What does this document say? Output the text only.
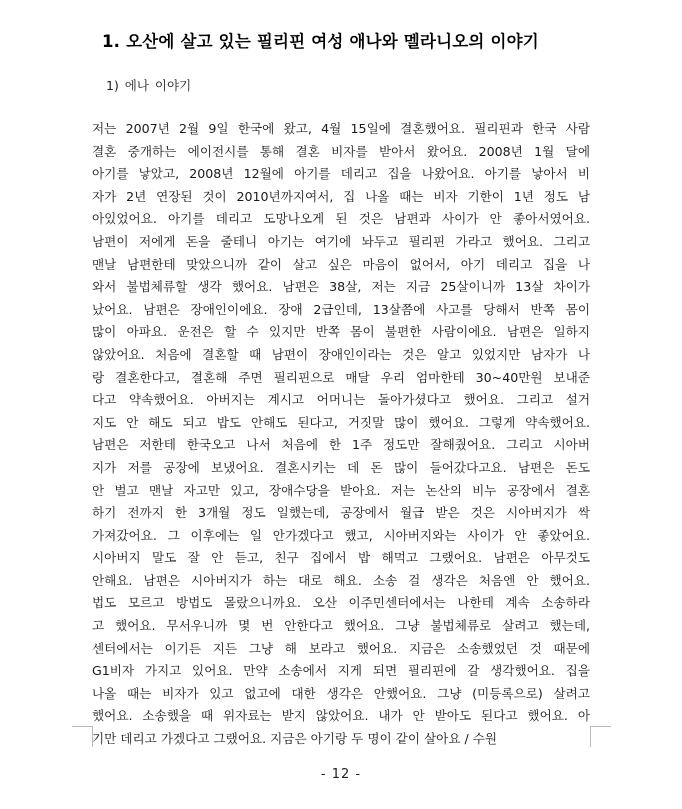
1. 오산에 살고 있는 필리핀 여성 애나와 멜라니오의 이야기
1) 에나 이야기
저는 2007년 2월 9일 한국에 왔고, 4월 15일에 결혼했어요. 필리핀과 한국 사람
결혼 중개하는 에이전시를 통해 결혼 비자를 받아서 왔어요. 2008년 1월 달에
아기를 낳았고, 2008년 12월에 아기를 데리고 집을 나왔어요. 아기를 낳아서 비
자가 2년 연장된 것이 2010년까지여서, 집 나올 때는 비자 기한이 1년 정도 남
아있었어요. 아기를 데리고 도망나오게 된 것은 남편과 사이가 안 좋아서였어요.
남편이 저에게 돈을 줄테니 아기는 여기에 놔두고 필리핀 가라고 했어요. 그리고
맨날 남편한테 맞았으니까 같이 살고 싶은 마음이 없어서, 아기 데리고 집을 나
와서 불법체류할 생각 했어요. 남편은 38살, 저는 지금 25살이니까 13살 차이가
났어요. 남편은 장애인이에요. 장애 2급인데, 13살쯤에 사고를 당해서 반쪽 몸이
많이 아파요. 운전은 할 수 있지만 반쪽 몸이 불편한 사람이에요. 남편은 일하지
않았어요. 처음에 결혼할 때 남편이 장애인이라는 것은 알고 있었지만 남자가 나
랑 결혼한다고, 결혼해 주면 필리핀으로 매달 우리 엄마한테 30~40만원 보내준
다고 약속했어요. 아버지는 계시고 어머니는 돌아가셨다고 했어요. 그리고 설거
지도 안 해도 되고 밥도 안해도 된다고, 거짓말 많이 했어요. 그렇게 약속했어요.
남편은 저한테 한국오고 나서 처음에 한 1주 정도만 잘해줬어요. 그리고 시아버
지가 저를 공장에 보냈어요. 결혼시키는 데 돈 많이 들어갔다고요. 남편은 돈도
안 벌고 맨날 자고만 있고, 장애수당을 받아요. 저는 논산의 비누 공장에서 결혼
하기 전까지 한 3개월 정도 일했는데, 공장에서 월급 받은 것은 시아버지가 싹
가져갔어요. 그 이후에는 일 안가겠다고 했고, 시아버지와는 사이가 안 좋았어요.
시아버지 말도 잘 안 듣고, 친구 집에서 밥 해먹고 그랬어요. 남편은 아무것도
안해요. 남편은 시아버지가 하는 대로 해요. 소송 걸 생각은 처음엔 안 했어요.
법도 모르고 방법도 몰랐으니까요. 오산 이주민센터에서는 나한테 계속 소송하라
고 했어요. 무서우니까 몇 번 안한다고 했어요. 그냥 불법체류로 살려고 했는데,
센터에서는 이기든 지든 그냥 해 보라고 했어요. 지금은 소송했었던 것 때문에
G1비자 가지고 있어요. 만약 소송에서 지게 되면 필리핀에 갈 생각했어요. 집을
나올 때는 비자가 있고 없고에 대한 생각은 안했어요. 그냥 (미등록으로) 살려고
했어요. 소송했을 때 위자료는 받지 않았어요. 내가 안 받아도 된다고 했어요. 아
기만 데리고 가겠다고 그랬어요. 지금은 아기랑 두 명이 같이 살아요 / 수원
- 12 -
